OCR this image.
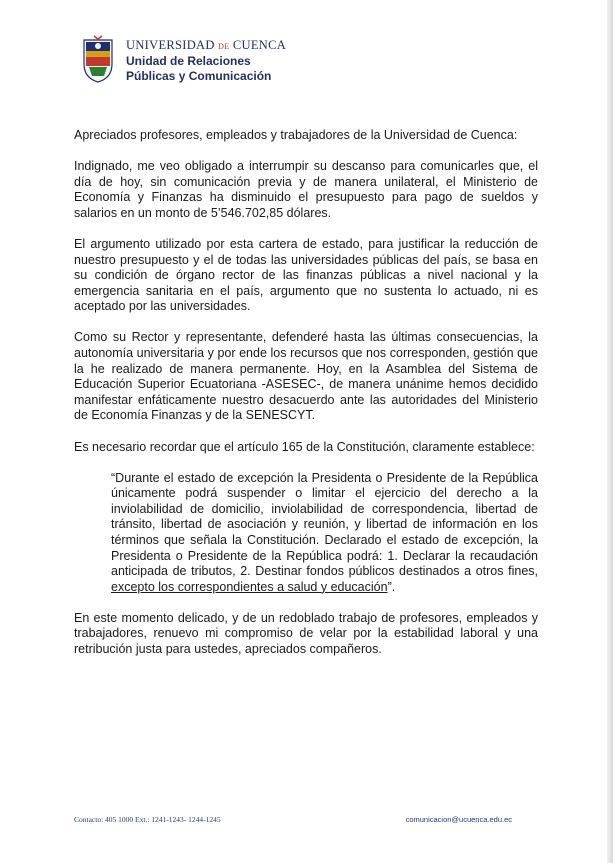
UNIVERSIDAD DE CUENCA
Unidad de Relaciones
Públicas y Comunicación

Apreciados profesores, empleados y trabajadores de la Universidad de Cuenca:

Indignado, me veo obligado a interrumpir su descanso para comunicarles que, el día de hoy, sin comunicación previa y de manera unilateral, el Ministerio de Economía y Finanzas ha disminuido el presupuesto para pago de sueldos y salarios en un monto de 5’546.702,85 dólares.

El argumento utilizado por esta cartera de estado, para justificar la reducción de nuestro presupuesto y el de todas las universidades públicas del país, se basa en su condición de órgano rector de las finanzas públicas a nivel nacional y la emergencia sanitaria en el país, argumento que no sustenta lo actuado, ni es aceptado por las universidades.

Como su Rector y representante, defenderé hasta las últimas consecuencias, la autonomía universitaria y por ende los recursos que nos corresponden, gestión que la he realizado de manera permanente. Hoy, en la Asamblea del Sistema de Educación Superior Ecuatoriana -ASESEC-, de manera unánime hemos decidido manifestar enfáticamente nuestro desacuerdo ante las autoridades del Ministerio de Economía Finanzas y de la SENESCYT.

Es necesario recordar que el artículo 165 de la Constitución, claramente establece:

“Durante el estado de excepción la Presidenta o Presidente de la República únicamente podrá suspender o limitar el ejercicio del derecho a la inviolabilidad de domicilio, inviolabilidad de correspondencia, libertad de tránsito, libertad de asociación y reunión, y libertad de información en los términos que señala la Constitución. Declarado el estado de excepción, la Presidenta o Presidente de la República podrá: 1. Declarar la recaudación anticipada de tributos, 2. Destinar fondos públicos destinados a otros fines, excepto los correspondientes a salud y educación”.

En este momento delicado, y de un redoblado trabajo de profesores, empleados y trabajadores, renuevo mi compromiso de velar por la estabilidad laboral y una retribución justa para ustedes, apreciados compañeros.

Contacto: 405 1000 Ext.: 1241-1243- 1244-1245	comunicacion@ucuenca.edu.ec
